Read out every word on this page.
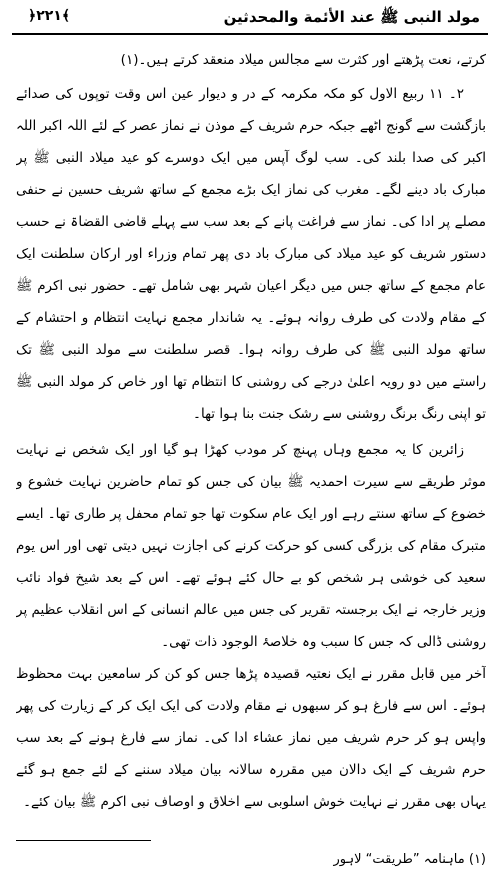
مولد النبی ﷺ عند الأئمة والمحدثین
﴿۲۲۱﴾

کرتے، نعت پڑھتے اور کثرت سے مجالس میلاد منعقد کرتے ہیں۔(۱)

۲۔ ۱۱ ربیع الاول کو مکہ مکرمہ کے در و دیوار عین اس وقت توپوں کی صدائے بازگشت سے گونج اٹھے جبکہ حرم شریف کے موذن نے نماز عصر کے لئے اللہ اکبر اللہ اکبر کی صدا بلند کی۔ سب لوگ آپس میں ایک دوسرے کو عید میلاد النبی ﷺ پر مبارک باد دینے لگے۔ مغرب کی نماز ایک بڑے مجمع کے ساتھ شریف حسین نے حنفی مصلے پر ادا کی۔ نماز سے فراغت پانے کے بعد سب سے پہلے قاضی القضاۃ نے حسب دستور شریف کو عید میلاد کی مبارک باد دی پھر تمام وزراء اور ارکان سلطنت ایک عام مجمع کے ساتھ جس میں دیگر اعیان شہر بھی شامل تھے۔ حضور نبی اکرم ﷺ کے مقام ولادت کی طرف روانہ ہوئے۔ یہ شاندار مجمع نہایت انتظام و احتشام کے ساتھ مولد النبی ﷺ کی طرف روانہ ہوا۔ قصر سلطنت سے مولد النبی ﷺ تک راستے میں دو رویہ اعلیٰ درجے کی روشنی کا انتظام تھا اور خاص کر مولد النبی ﷺ تو اپنی رنگ برنگ روشنی سے رشک جنت بنا ہوا تھا۔

زائرین کا یہ مجمع وہاں پہنچ کر مودب کھڑا ہو گیا اور ایک شخص نے نہایت موثر طریقے سے سیرت احمدیہ ﷺ بیان کی جس کو تمام حاضرین نہایت خشوع و خضوع کے ساتھ سنتے رہے اور ایک عام سکوت تھا جو تمام محفل پر طاری تھا۔ ایسے متبرک مقام کی بزرگی کسی کو حرکت کرنے کی اجازت نہیں دیتی تھی اور اس یوم سعید کی خوشی ہر شخص کو بے حال کئے ہوئے تھے۔ اس کے بعد شیخ فواد نائب وزیر خارجہ نے ایک برجستہ تقریر کی جس میں عالم انسانی کے اس انقلاب عظیم پر روشنی ڈالی کہ جس کا سبب وہ خلاصۂ الوجود ذات تھی۔

آخر میں قابل مقرر نے ایک نعتیہ قصیدہ پڑھا جس کو کن کر سامعین بہت محظوظ ہوئے۔ اس سے فارغ ہو کر سبھوں نے مقام ولادت کی ایک ایک کر کے زیارت کی پھر واپس ہو کر حرم شریف میں نماز عشاء ادا کی۔ نماز سے فارغ ہونے کے بعد سب حرم شریف کے ایک دالان میں مقررہ سالانہ بیان میلاد سننے کے لئے جمع ہو گئے یہاں بھی مقرر نے نہایت خوش اسلوبی سے اخلاق و اوصاف نبی اکرم ﷺ بیان کئے۔

(۱) ماہنامہ ”طریقت“ لاہور
